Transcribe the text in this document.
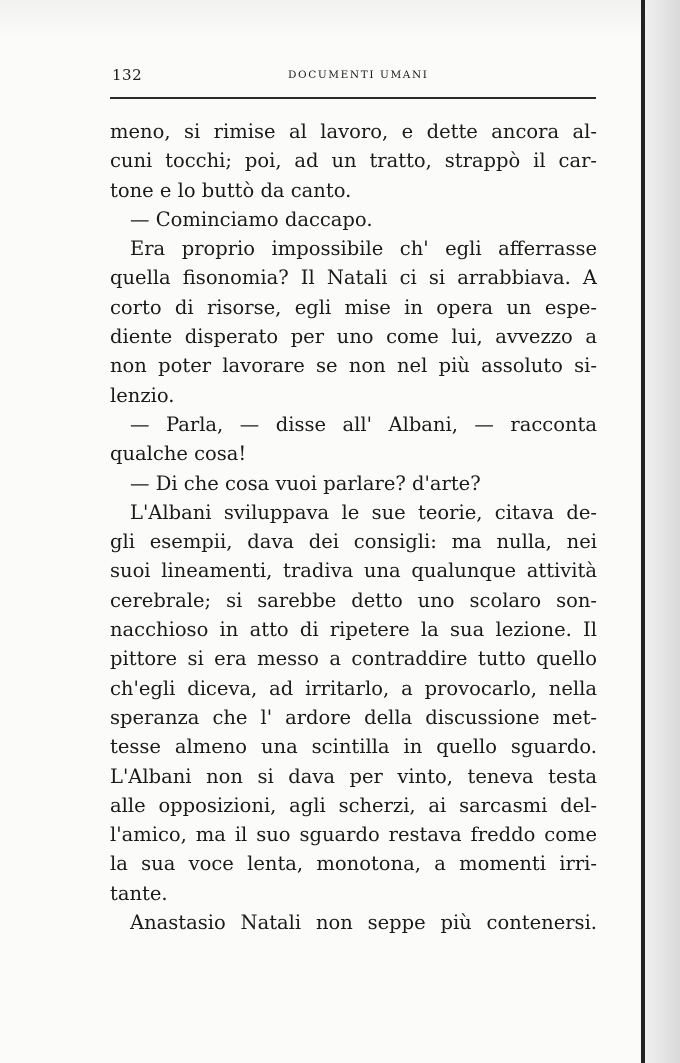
132	DOCUMENTI UMANI
meno, si rimise al lavoro, e dette ancora al-
cuni tocchi; poi, ad un tratto, strappò il car-
tone e lo buttò da canto.
— Cominciamo daccapo.
Era proprio impossibile ch' egli afferrasse
quella fisonomia? Il Natali ci si arrabbiava. A
corto di risorse, egli mise in opera un espe-
diente disperato per uno come lui, avvezzo a
non poter lavorare se non nel più assoluto si-
lenzio.
— Parla, — disse all' Albani, — racconta
qualche cosa!
— Di che cosa vuoi parlare? d'arte?
L'Albani sviluppava le sue teorie, citava de-
gli esempii, dava dei consigli: ma nulla, nei
suoi lineamenti, tradiva una qualunque attività
cerebrale; si sarebbe detto uno scolaro son-
nacchioso in atto di ripetere la sua lezione. Il
pittore si era messo a contraddire tutto quello
ch'egli diceva, ad irritarlo, a provocarlo, nella
speranza che l' ardore della discussione met-
tesse almeno una scintilla in quello sguardo.
L'Albani non si dava per vinto, teneva testa
alle opposizioni, agli scherzi, ai sarcasmi del-
l'amico, ma il suo sguardo restava freddo come
la sua voce lenta, monotona, a momenti irri-
tante.
Anastasio Natali non seppe più contenersi.
